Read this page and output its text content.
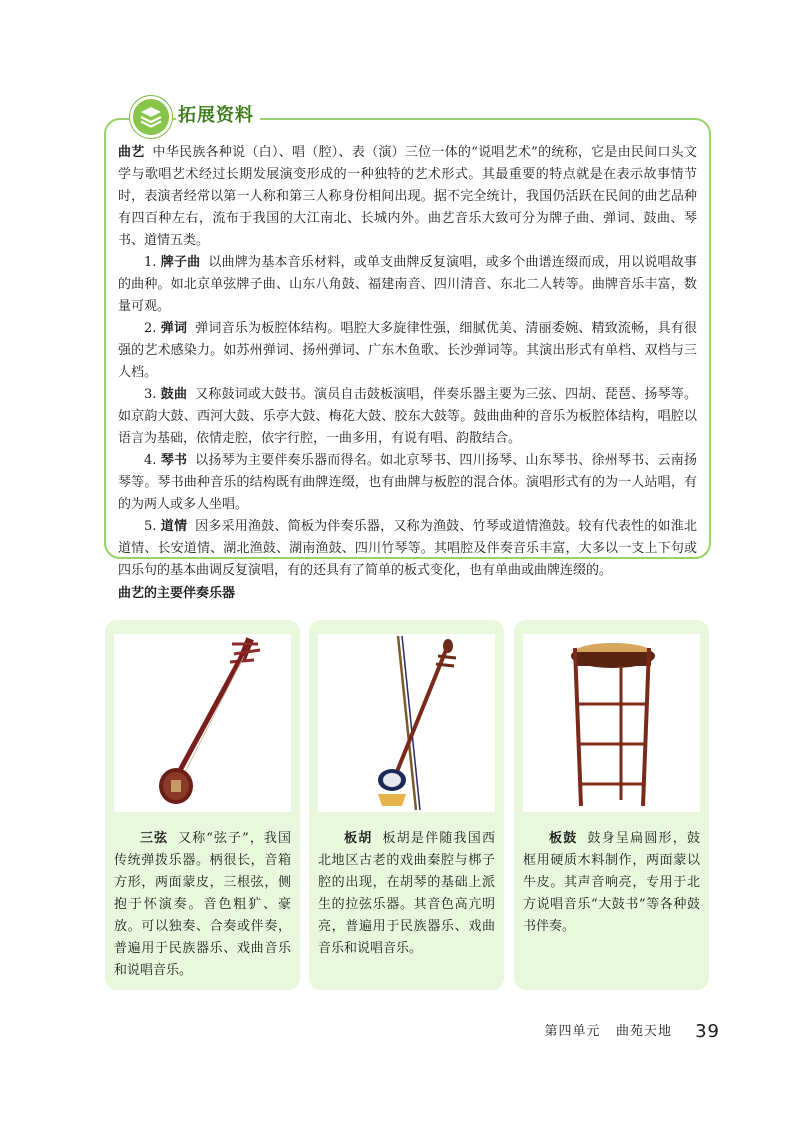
曲艺 中华民族各种说（白）、唱（腔）、表（演）三位一体的“说唱艺术”的统称，它是由民间口头文学与歌唱艺术经过长期发展演变形成的一种独特的艺术形式。其最重要的特点就是在表示故事情节时，表演者经常以第一人称和第三人称身份相间出现。据不完全统计，我国仍活跃在民间的曲艺品种有四百种左右，流布于我国的大江南北、长城内外。曲艺音乐大致可分为牌子曲、弹词、鼓曲、琴书、道情五类。

1. 牌子曲 以曲牌为基本音乐材料，或单支曲牌反复演唱，或多个曲谱连缀而成，用以说唱故事的曲种。如北京单弦牌子曲、山东八角鼓、福建南音、四川清音、东北二人转等。曲牌音乐丰富，数量可观。

2. 弹词 弹词音乐为板腔体结构。唱腔大多旋律性强，细腻优美、清丽委婉、精致流畅，具有很强的艺术感染力。如苏州弹词、扬州弹词、广东木鱼歌、长沙弹词等。其演出形式有单档、双档与三人档。

3. 鼓曲 又称鼓词或大鼓书。演员自击鼓板演唱，伴奏乐器主要为三弦、四胡、琵琶、扬琴等。如京韵大鼓、西河大鼓、乐亭大鼓、梅花大鼓、胶东大鼓等。鼓曲曲种的音乐为板腔体结构，唱腔以语言为基础，依情走腔，依字行腔，一曲多用，有说有唱、韵散结合。

4. 琴书 以扬琴为主要伴奏乐器而得名。如北京琴书、四川扬琴、山东琴书、徐州琴书、云南扬琴等。琴书曲种音乐的结构既有曲牌连缀，也有曲牌与板腔的混合体。演唱形式有的为一人站唱，有的为两人或多人坐唱。

5. 道情 因多采用渔鼓、简板为伴奏乐器，又称为渔鼓、竹琴或道情渔鼓。较有代表性的如淮北道情、长安道情、湖北渔鼓、湖南渔鼓、四川竹琴等。其唱腔及伴奏音乐丰富，大多以一支上下句或四乐句的基本曲调反复演唱，有的还具有了简单的板式变化，也有单曲或曲牌连缀的。

拓展资料
曲艺的主要伴奏乐器
三弦 又称“弦子”，我国传统弹拨乐器。柄很长，音箱方形，两面蒙皮，三根弦，侧抱于怀演奏。音色粗犷、豪放。可以独奏、合奏或伴奏，普遍用于民族器乐、戏曲音乐和说唱音乐。
板胡 板胡是伴随我国西北地区古老的戏曲秦腔与梆子腔的出现，在胡琴的基础上派生的拉弦乐器。其音色高亢明亮，普遍用于民族器乐、戏曲音乐和说唱音乐。
板鼓 鼓身呈扁圆形，鼓框用硬质木料制作，两面蒙以牛皮。其声音响亮，专用于北方说唱音乐“大鼓书”等各种鼓书伴奏。
第四单元 曲苑天地 39
